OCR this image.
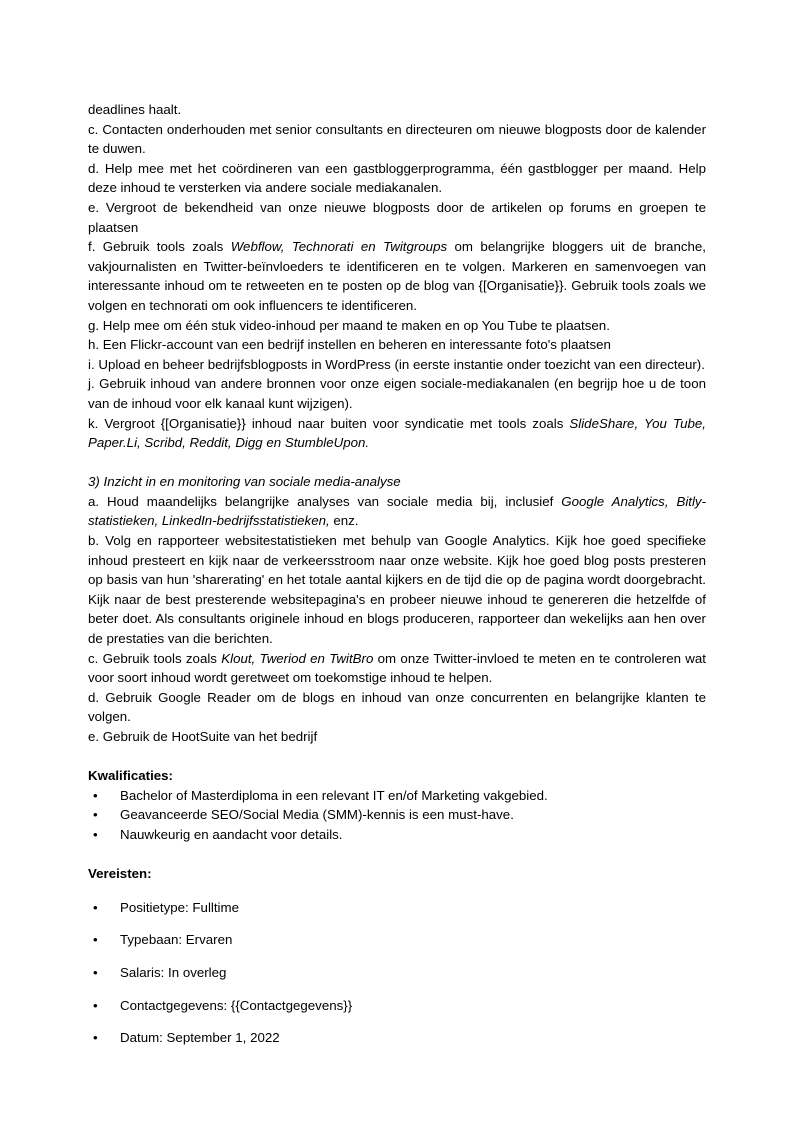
deadlines haalt.

c. Contacten onderhouden met senior consultants en directeuren om nieuwe blogposts door de kalender te duwen.

d. Help mee met het coördineren van een gastbloggerprogramma, één gastblogger per maand. Help deze inhoud te versterken via andere sociale mediakanalen.

e. Vergroot de bekendheid van onze nieuwe blogposts door de artikelen op forums en groepen te plaatsen

f. Gebruik tools zoals Webflow, Technorati en Twitgroups om belangrijke bloggers uit de branche, vakjournalisten en Twitter-beïnvloeders te identificeren en te volgen. Markeren en samenvoegen van interessante inhoud om te retweeten en te posten op de blog van {[Organisatie}}. Gebruik tools zoals we volgen en technorati om ook influencers te identificeren.

g. Help mee om één stuk video-inhoud per maand te maken en op You Tube te plaatsen.

h. Een Flickr-account van een bedrijf instellen en beheren en interessante foto's plaatsen

i. Upload en beheer bedrijfsblogposts in WordPress (in eerste instantie onder toezicht van een directeur).

j. Gebruik inhoud van andere bronnen voor onze eigen sociale-mediakanalen (en begrijp hoe u de toon van de inhoud voor elk kanaal kunt wijzigen).

k. Vergroot {[Organisatie}} inhoud naar buiten voor syndicatie met tools zoals SlideShare, You Tube, Paper.Li, Scribd, Reddit, Digg en StumbleUpon.

3) Inzicht in en monitoring van sociale media-analyse

a. Houd maandelijks belangrijke analyses van sociale media bij, inclusief Google Analytics, Bitly-statistieken, LinkedIn-bedrijfsstatistieken, enz.

b. Volg en rapporteer websitestatistieken met behulp van Google Analytics. Kijk hoe goed specifieke inhoud presteert en kijk naar de verkeersstroom naar onze website. Kijk hoe goed blog posts presteren op basis van hun 'sharerating' en het totale aantal kijkers en de tijd die op de pagina wordt doorgebracht. Kijk naar de best presterende websitepagina's en probeer nieuwe inhoud te genereren die hetzelfde of beter doet. Als consultants originele inhoud en blogs produceren, rapporteer dan wekelijks aan hen over de prestaties van die berichten.

c. Gebruik tools zoals Klout, Tweriod en TwitBro om onze Twitter-invloed te meten en te controleren wat voor soort inhoud wordt geretweet om toekomstige inhoud te helpen.

d. Gebruik Google Reader om de blogs en inhoud van onze concurrenten en belangrijke klanten te volgen.

e. Gebruik de HootSuite van het bedrijf

Kwalificaties:

• Bachelor of Masterdiploma in een relevant IT en/of Marketing vakgebied.
• Geavanceerde SEO/Social Media (SMM)-kennis is een must-have.
• Nauwkeurig en aandacht voor details.

Vereisten:

• Positietype: Fulltime
• Typebaan: Ervaren
• Salaris: In overleg
• Contactgegevens: {{Contactgegevens}}
• Datum: September 1, 2022
